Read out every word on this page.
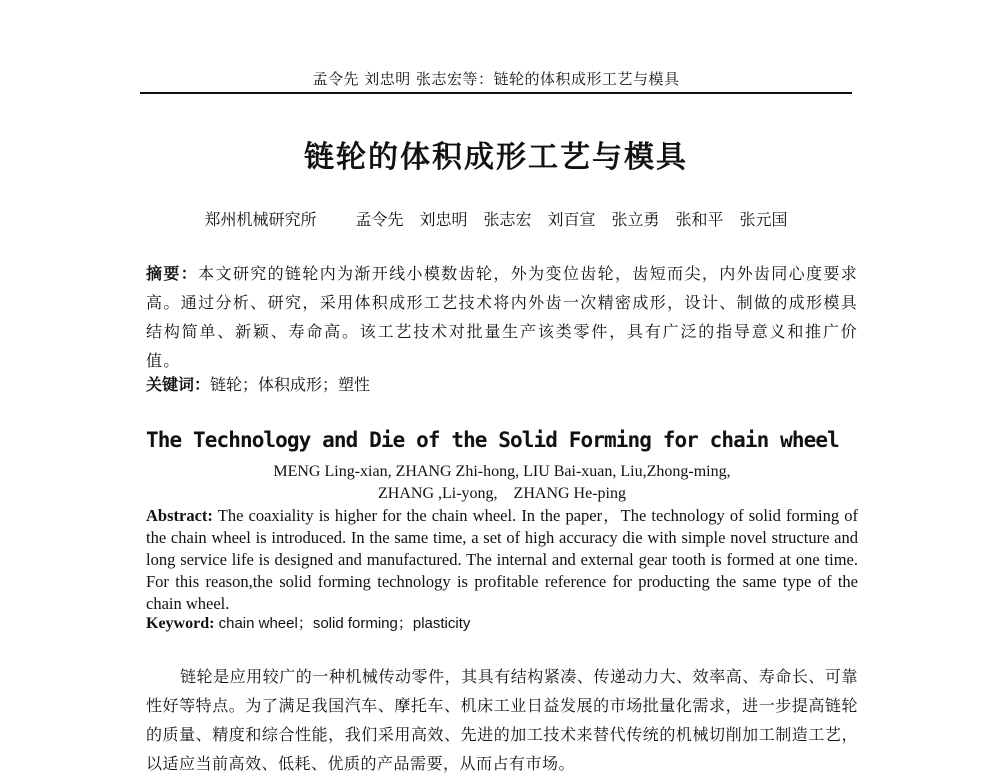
孟令先 刘忠明 张志宏等：链轮的体积成形工艺与模具
链轮的体积成形工艺与模具
郑州机械研究所　 孟令先　刘忠明　张志宏　刘百宣　张立勇　张和平　张元国
摘要：本文研究的链轮内为渐开线小模数齿轮，外为变位齿轮，齿短而尖，内外齿同心度要求高。通过分析、研究，采用体积成形工艺技术将内外齿一次精密成形，设计、制做的成形模具结构简单、新颖、寿命高。该工艺技术对批量生产该类零件，具有广泛的指导意义和推广价值。
关键词：链轮；体积成形；塑性
The Technology and Die of the Solid Forming for chain wheel
MENG Ling-xian, ZHANG Zhi-hong, LIU Bai-xuan, Liu,Zhong-ming,
ZHANG ,Li-yong,　ZHANG He-ping
Abstract: The coaxiality is higher for the chain wheel. In the paper，The technology of solid forming of the chain wheel is introduced. In the same time, a set of high accuracy die with simple novel structure and long service life is designed and manufactured. The internal and external gear tooth is formed at one time. For this reason,the solid forming technology is profitable reference for producting the same type of the chain wheel.
Keyword: chain wheel；solid forming；plasticity
链轮是应用较广的一种机械传动零件，其具有结构紧凑、传递动力大、效率高、寿命长、可靠性好等特点。为了满足我国汽车、摩托车、机床工业日益发展的市场批量化需求，进一步提高链轮的质量、精度和综合性能，我们采用高效、先进的加工技术来替代传统的机械切削加工制造工艺，以适应当前高效、低耗、优质的产品需要，从而占有市场。
